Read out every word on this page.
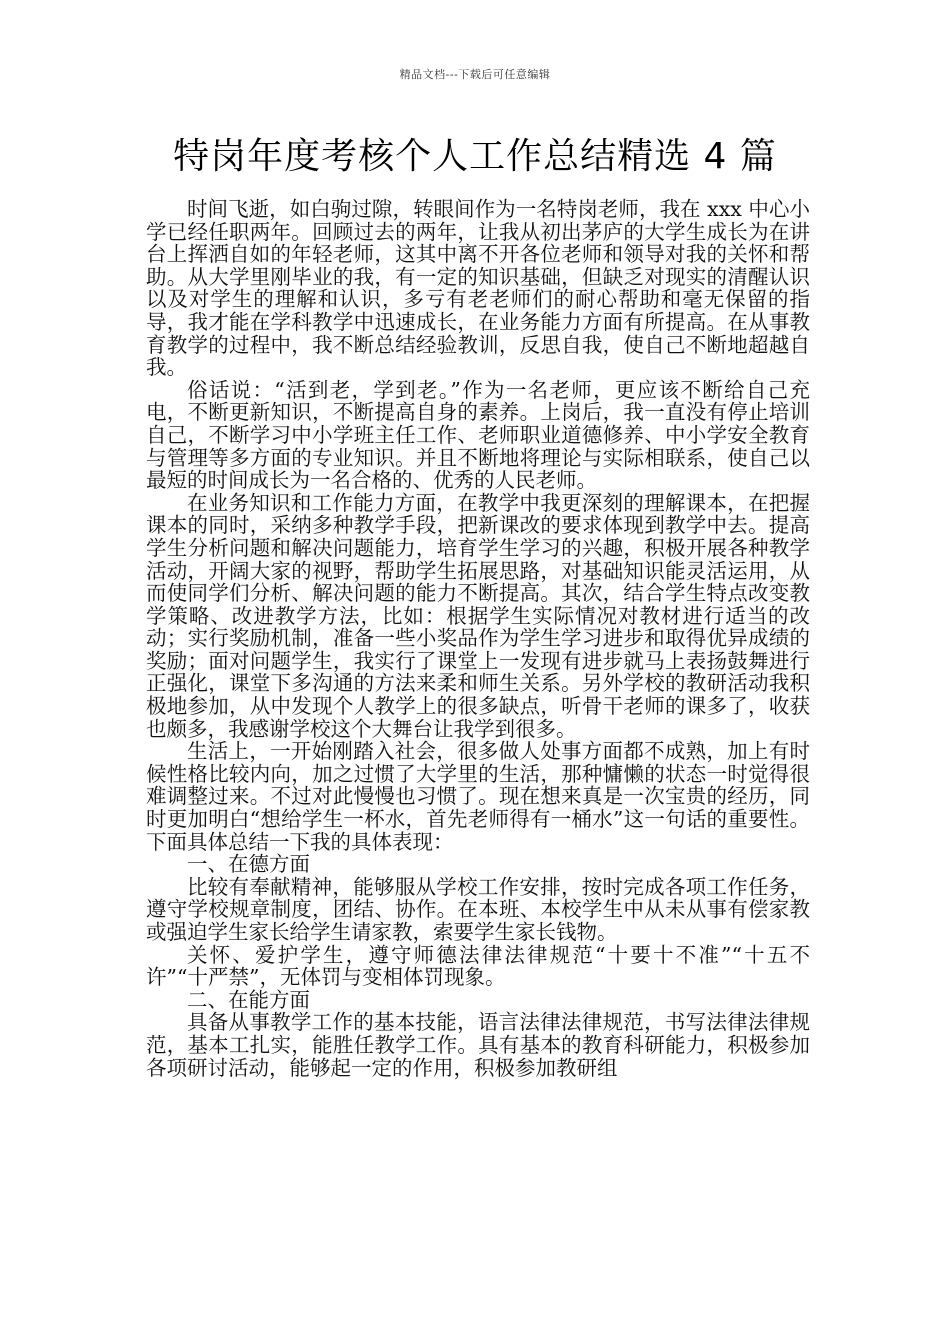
精品文档---下载后可任意编辑
特岗年度考核个人工作总结精选 4 篇

时间飞逝，如白驹过隙，转眼间作为一名特岗老师，我在 xxx 中心小学已经任职两年。回顾过去的两年，让我从初出茅庐的大学生成长为在讲台上挥洒自如的年轻老师，这其中离不开各位老师和领导对我的关怀和帮助。从大学里刚毕业的我，有一定的知识基础，但缺乏对现实的清醒认识以及对学生的理解和认识，多亏有老老师们的耐心帮助和毫无保留的指导，我才能在学科教学中迅速成长，在业务能力方面有所提高。在从事教育教学的过程中，我不断总结经验教训，反思自我，使自己不断地超越自我。

俗话说：“活到老，学到老。”作为一名老师，更应该不断给自己充电，不断更新知识，不断提高自身的素养。上岗后，我一直没有停止培训自己，不断学习中小学班主任工作、老师职业道德修养、中小学安全教育与管理等多方面的专业知识。并且不断地将理论与实际相联系，使自己以最短的时间成长为一名合格的、优秀的人民老师。

在业务知识和工作能力方面，在教学中我更深刻的理解课本，在把握课本的同时，采纳多种教学手段，把新课改的要求体现到教学中去。提高学生分析问题和解决问题能力，培育学生学习的兴趣，积极开展各种教学活动，开阔大家的视野，帮助学生拓展思路，对基础知识能灵活运用，从而使同学们分析、解决问题的能力不断提高。其次，结合学生特点改变教学策略、改进教学方法，比如：根据学生实际情况对教材进行适当的改动；实行奖励机制，准备一些小奖品作为学生学习进步和取得优异成绩的奖励；面对问题学生，我实行了课堂上一发现有进步就马上表扬鼓舞进行正强化，课堂下多沟通的方法来柔和师生关系。另外学校的教研活动我积极地参加，从中发现个人教学上的很多缺点，听骨干老师的课多了，收获也颇多，我感谢学校这个大舞台让我学到很多。

生活上，一开始刚踏入社会，很多做人处事方面都不成熟，加上有时候性格比较内向，加之过惯了大学里的生活，那种慵懒的状态一时觉得很难调整过来。不过对此慢慢也习惯了。现在想来真是一次宝贵的经历，同时更加明白“想给学生一杯水，首先老师得有一桶水”这一句话的重要性。下面具体总结一下我的具体表现：

一、在德方面

比较有奉献精神，能够服从学校工作安排，按时完成各项工作任务，遵守学校规章制度，团结、协作。在本班、本校学生中从未从事有偿家教或强迫学生家长给学生请家教，索要学生家长钱物。

关怀、爱护学生，遵守师德法律法律规范“十要十不准”“十五不许”“十严禁”，无体罚与变相体罚现象。

二、在能方面

具备从事教学工作的基本技能，语言法律法律规范，书写法律法律规范，基本工扎实，能胜任教学工作。具有基本的教育科研能力，积极参加各项研讨活动，能够起一定的作用，积极参加教研组
